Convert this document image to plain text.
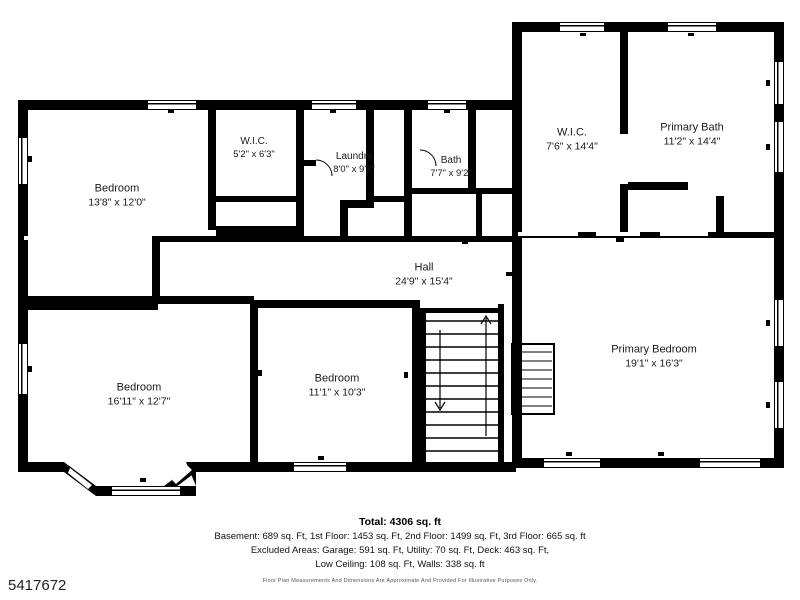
Bedroom
13'8" x 12'0"
W.I.C.
5'2" x 6'3"	Laundry
8'0" x 9'2"
Bath
7'7" x 9'2"
W.I.C.
7'6" x 14'4"
Primary Bath
11'2" x 14'4"
Hall
24'9" x 15'4"
Primary Bedroom
19'1" x 16'3"
Bedroom
16'11" x 12'7"
Bedroom
11'1" x 10'3"
Total: 4306 sq. ft
Basement: 689 sq. Ft, 1st Floor: 1453 sq. Ft, 2nd Floor: 1499 sq. Ft, 3rd Floor: 665 sq. ft
Excluded Areas: Garage: 591 sq. Ft, Utility: 70 sq. Ft, Deck: 463 sq. Ft,
Low Ceiling: 108 sq. Ft, Walls: 338 sq. ft
Floor Plan Measurements And Dimensions Are Approximate And Provided For Illustrative Purposes Only.
5417672
